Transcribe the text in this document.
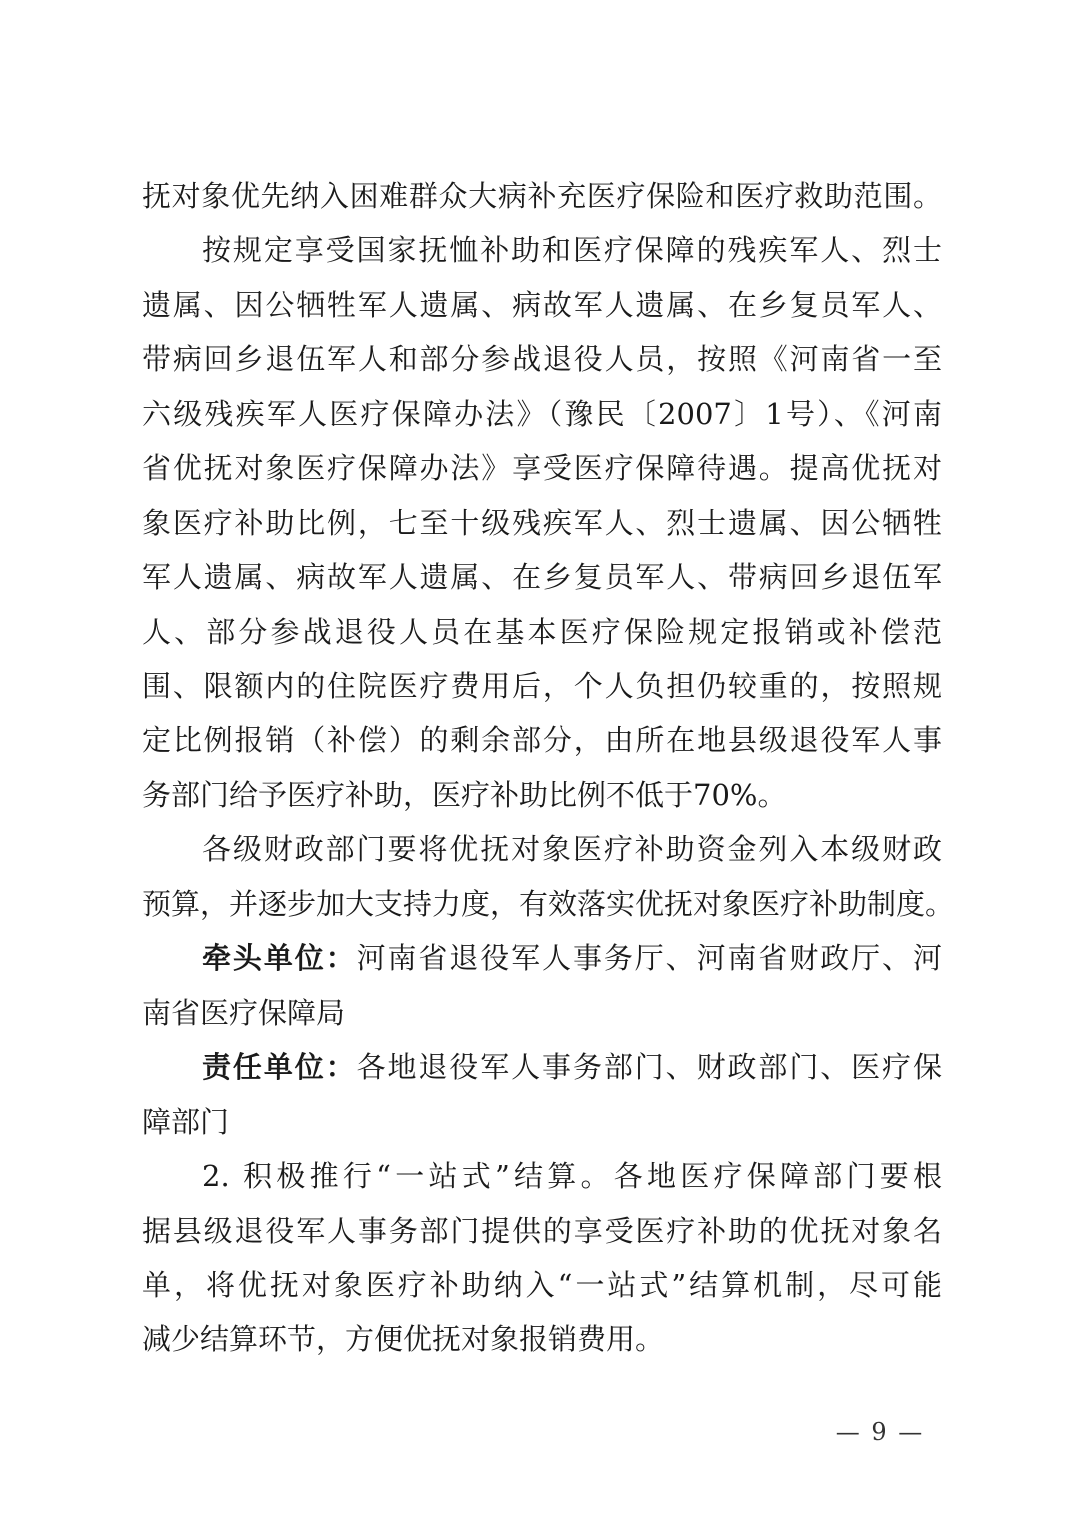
抚对象优先纳入困难群众大病补充医疗保险和医疗救助范围。
按规定享受国家抚恤补助和医疗保障的残疾军人、烈士
遗属、因公牺牲军人遗属、病故军人遗属、在乡复员军人、
带病回乡退伍军人和部分参战退役人员，按照《河南省一至
六级残疾军人医疗保障办法》（豫民〔2007〕1号）、《河南
省优抚对象医疗保障办法》享受医疗保障待遇。提高优抚对
象医疗补助比例，七至十级残疾军人、烈士遗属、因公牺牲
军人遗属、病故军人遗属、在乡复员军人、带病回乡退伍军
人、部分参战退役人员在基本医疗保险规定报销或补偿范
围、限额内的住院医疗费用后，个人负担仍较重的，按照规
定比例报销（补偿）的剩余部分，由所在地县级退役军人事
务部门给予医疗补助，医疗补助比例不低于70%。
各级财政部门要将优抚对象医疗补助资金列入本级财政
预算，并逐步加大支持力度，有效落实优抚对象医疗补助制度。
牵头单位：河南省退役军人事务厅、河南省财政厅、河
南省医疗保障局
责任单位：各地退役军人事务部门、财政部门、医疗保
障部门
2. 积极推行“一站式”结算。各地医疗保障部门要根
据县级退役军人事务部门提供的享受医疗补助的优抚对象名
单，将优抚对象医疗补助纳入“一站式”结算机制，尽可能
减少结算环节，方便优抚对象报销费用。
— 9 —
